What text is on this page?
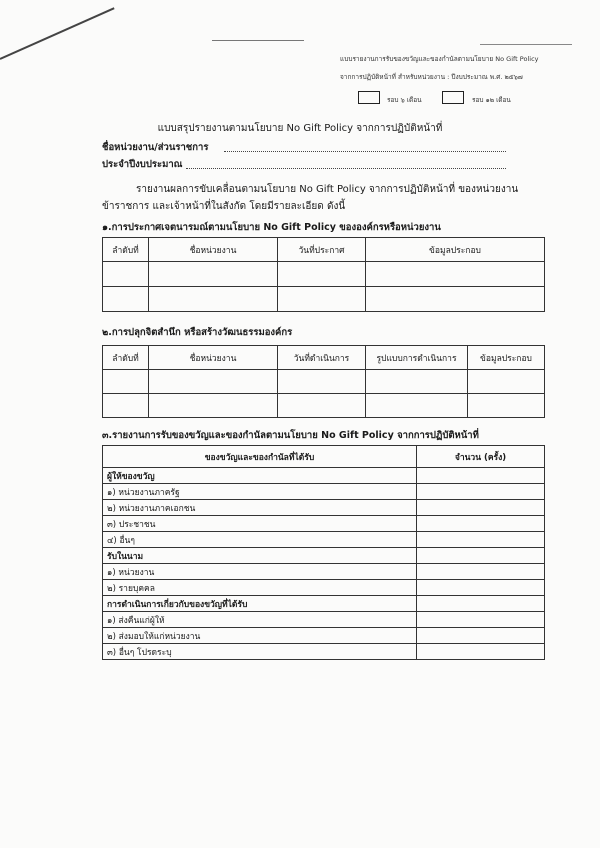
แบบรายงานการรับของขวัญและของกำนัลตามนโยบาย No Gift Policy
จากการปฏิบัติหน้าที่ สำหรับหน่วยงาน : ปีงบประมาณ พ.ศ. ๒๕๖๗
รอบ ๖ เดือน	รอบ ๑๒ เดือน
แบบสรุปรายงานตามนโยบาย No Gift Policy จากการปฏิบัติหน้าที่
ชื่อหน่วยงาน/ส่วนราชการ
ประจำปีงบประมาณ
รายงานผลการขับเคลื่อนตามนโยบาย No Gift Policy จากการปฏิบัติหน้าที่ ของหน่วยงาน
ข้าราชการ และเจ้าหน้าที่ในสังกัด โดยมีรายละเอียด ดังนี้
๑.การประกาศเจตนารมณ์ตามนโยบาย No Gift Policy ขององค์กรหรือหน่วยงาน
ลำดับที่	ชื่อหน่วยงาน	วันที่ประกาศ	ข้อมูลประกอบ

๒.การปลุกจิตสำนึก หรือสร้างวัฒนธรรมองค์กร
ลำดับที่	ชื่อหน่วยงาน	วันที่ดำเนินการ	รูปแบบการดำเนินการ	ข้อมูลประกอบ

๓.รายงานการรับของขวัญและของกำนัลตามนโยบาย No Gift Policy จากการปฏิบัติหน้าที่
ของขวัญและของกำนัลที่ได้รับ	จำนวน (ครั้ง)
ผู้ให้ของขวัญ	
๑) หน่วยงานภาครัฐ	
๒) หน่วยงานภาคเอกชน	
๓) ประชาชน	
๔) อื่นๆ	
รับในนาม	
๑) หน่วยงาน	
๒) รายบุคคล	
การดำเนินการเกี่ยวกับของขวัญที่ได้รับ	
๑) ส่งคืนแก่ผู้ให้	
๒) ส่งมอบให้แก่หน่วยงาน	
๓) อื่นๆ โปรดระบุ	
